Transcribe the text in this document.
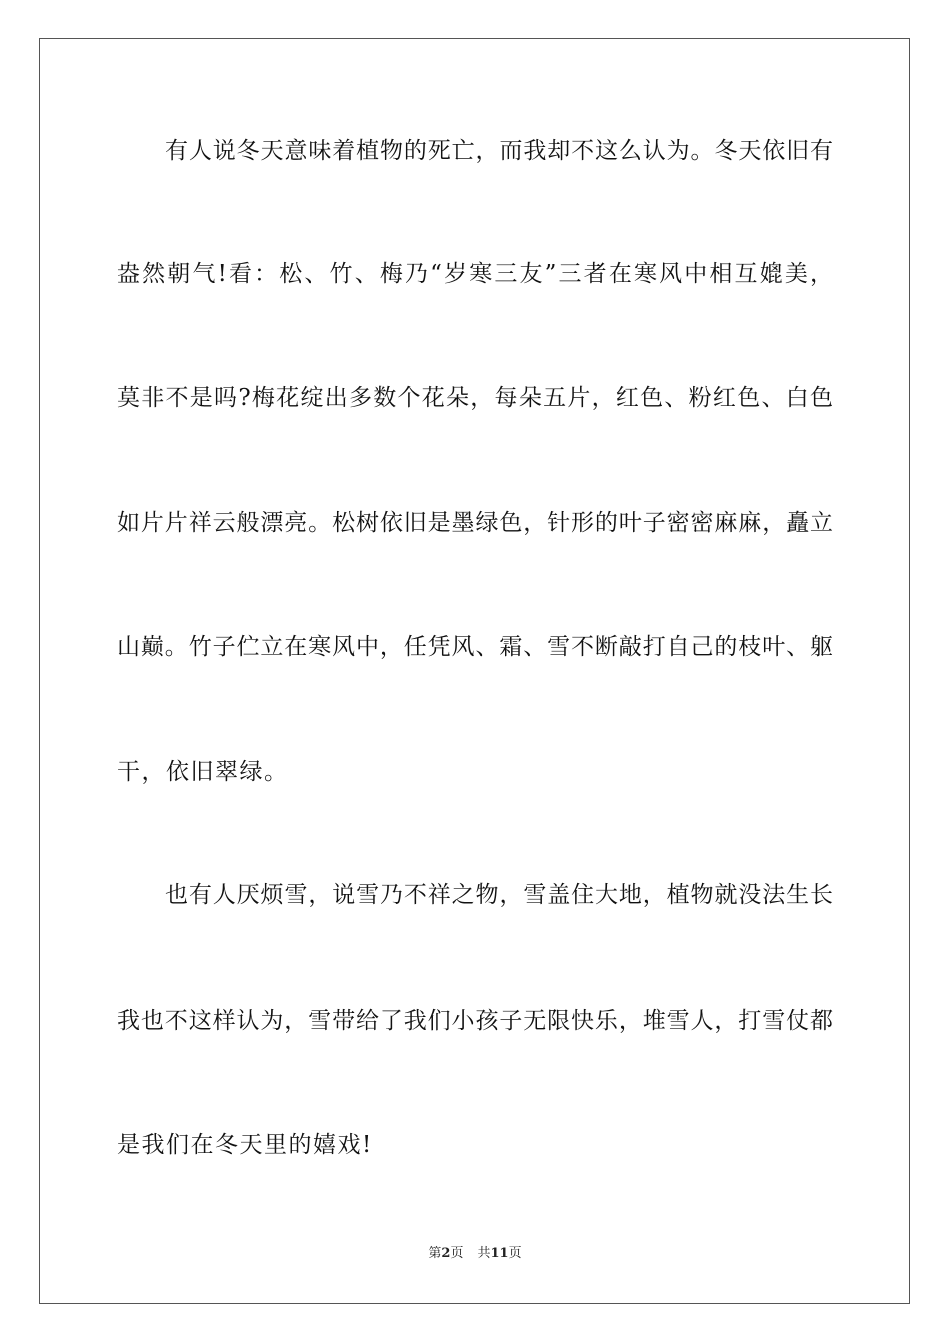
有人说冬天意味着植物的死亡，而我却不这么认为。冬天依旧有
盎然朝气!看：松、竹、梅乃“岁寒三友”三者在寒风中相互媲美，
莫非不是吗?梅花绽出多数个花朵，每朵五片，红色、粉红色、白色
如片片祥云般漂亮。松树依旧是墨绿色，针形的叶子密密麻麻，矗立
山巅。竹子伫立在寒风中，任凭风、霜、雪不断敲打自己的枝叶、躯
干，依旧翠绿。
也有人厌烦雪，说雪乃不祥之物，雪盖住大地，植物就没法生长
我也不这样认为，雪带给了我们小孩子无限快乐，堆雪人，打雪仗都
是我们在冬天里的嬉戏!
第2页 共11页
